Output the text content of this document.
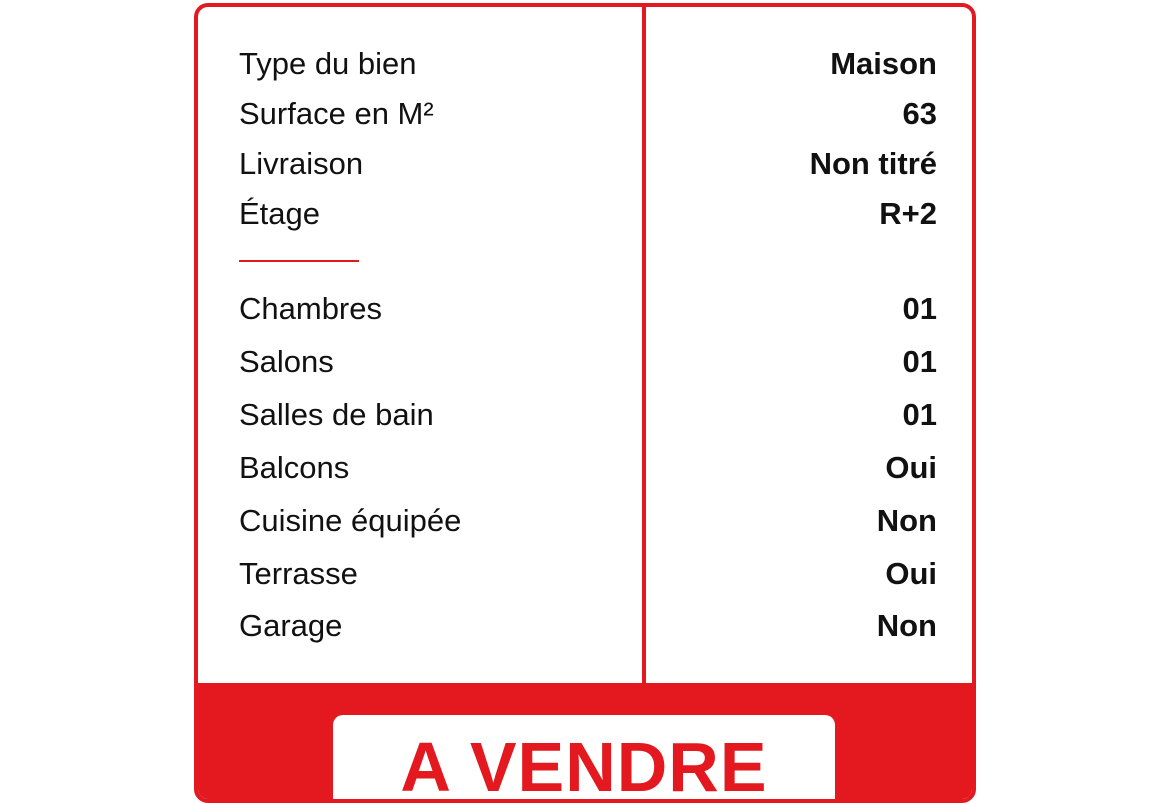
Type du bien	Maison
Surface en M²	63
Livraison	Non titré
Étage	R+2
Chambres	01
Salons	01
Salles de bain	01
Balcons	Oui
Cuisine équipée	Non
Terrasse	Oui
Garage	Non
A VENDRE
